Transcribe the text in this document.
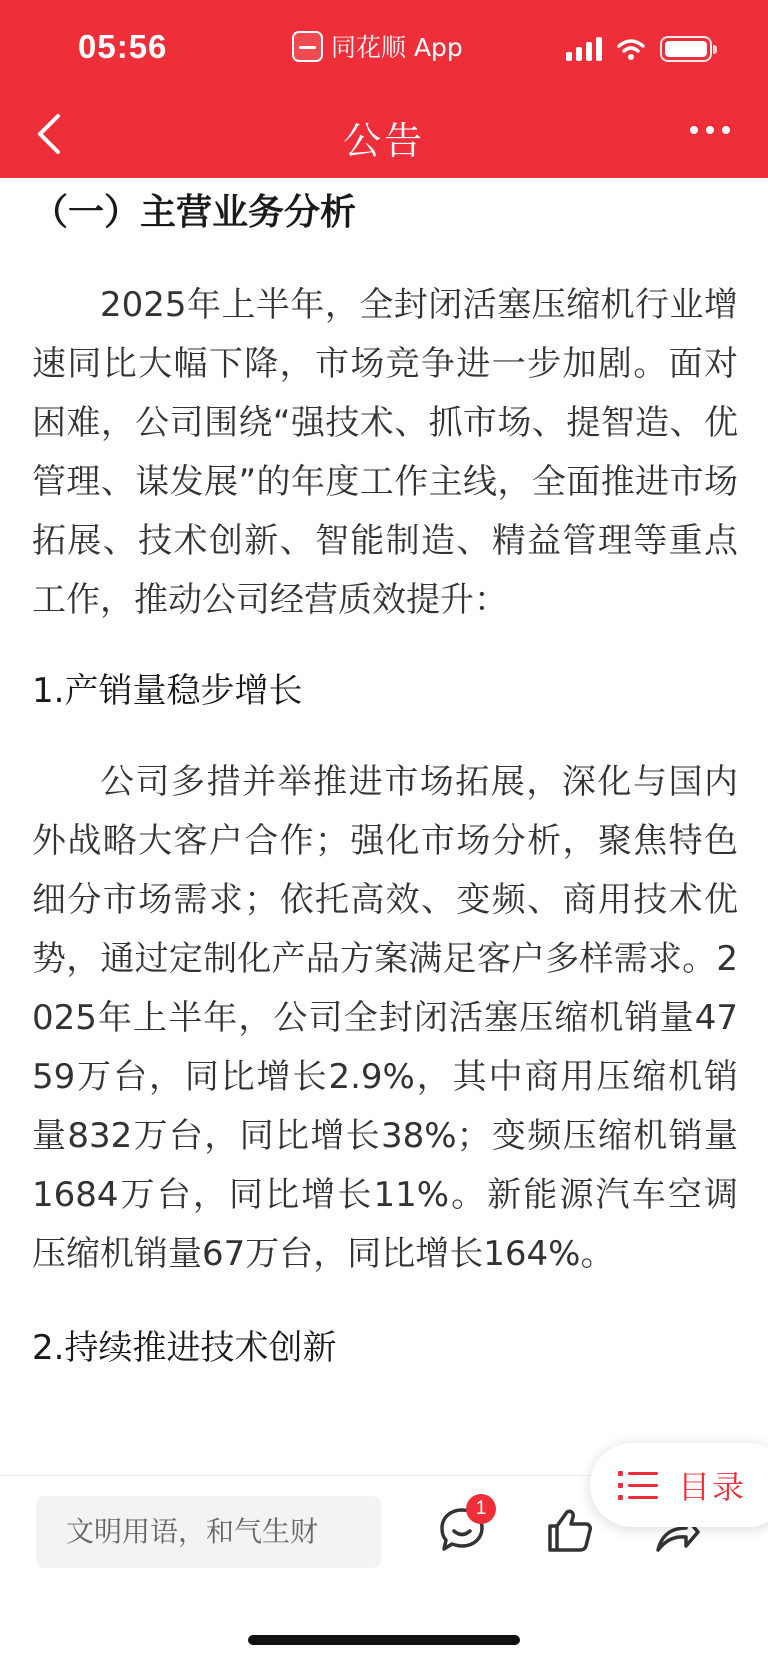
05:56	同花顺 App
公告
（一）主营业务分析
2025年上半年，全封闭活塞压缩机行业增速同比大幅下降，市场竞争进一步加剧。面对困难，公司围绕“强技术、抓市场、提智造、优管理、谋发展”的年度工作主线，全面推进市场拓展、技术创新、智能制造、精益管理等重点工作，推动公司经营质效提升：
1.产销量稳步增长
公司多措并举推进市场拓展，深化与国内外战略大客户合作；强化市场分析，聚焦特色细分市场需求；依托高效、变频、商用技术优势，通过定制化产品方案满足客户多样需求。2025年上半年，公司全封闭活塞压缩机销量4759万台，同比增长2.9%，其中商用压缩机销量832万台，同比增长38%；变频压缩机销量1684万台，同比增长11%。新能源汽车空调压缩机销量67万台，同比增长164%。
2.持续推进技术创新
文明用语，和气生财
1
目录
